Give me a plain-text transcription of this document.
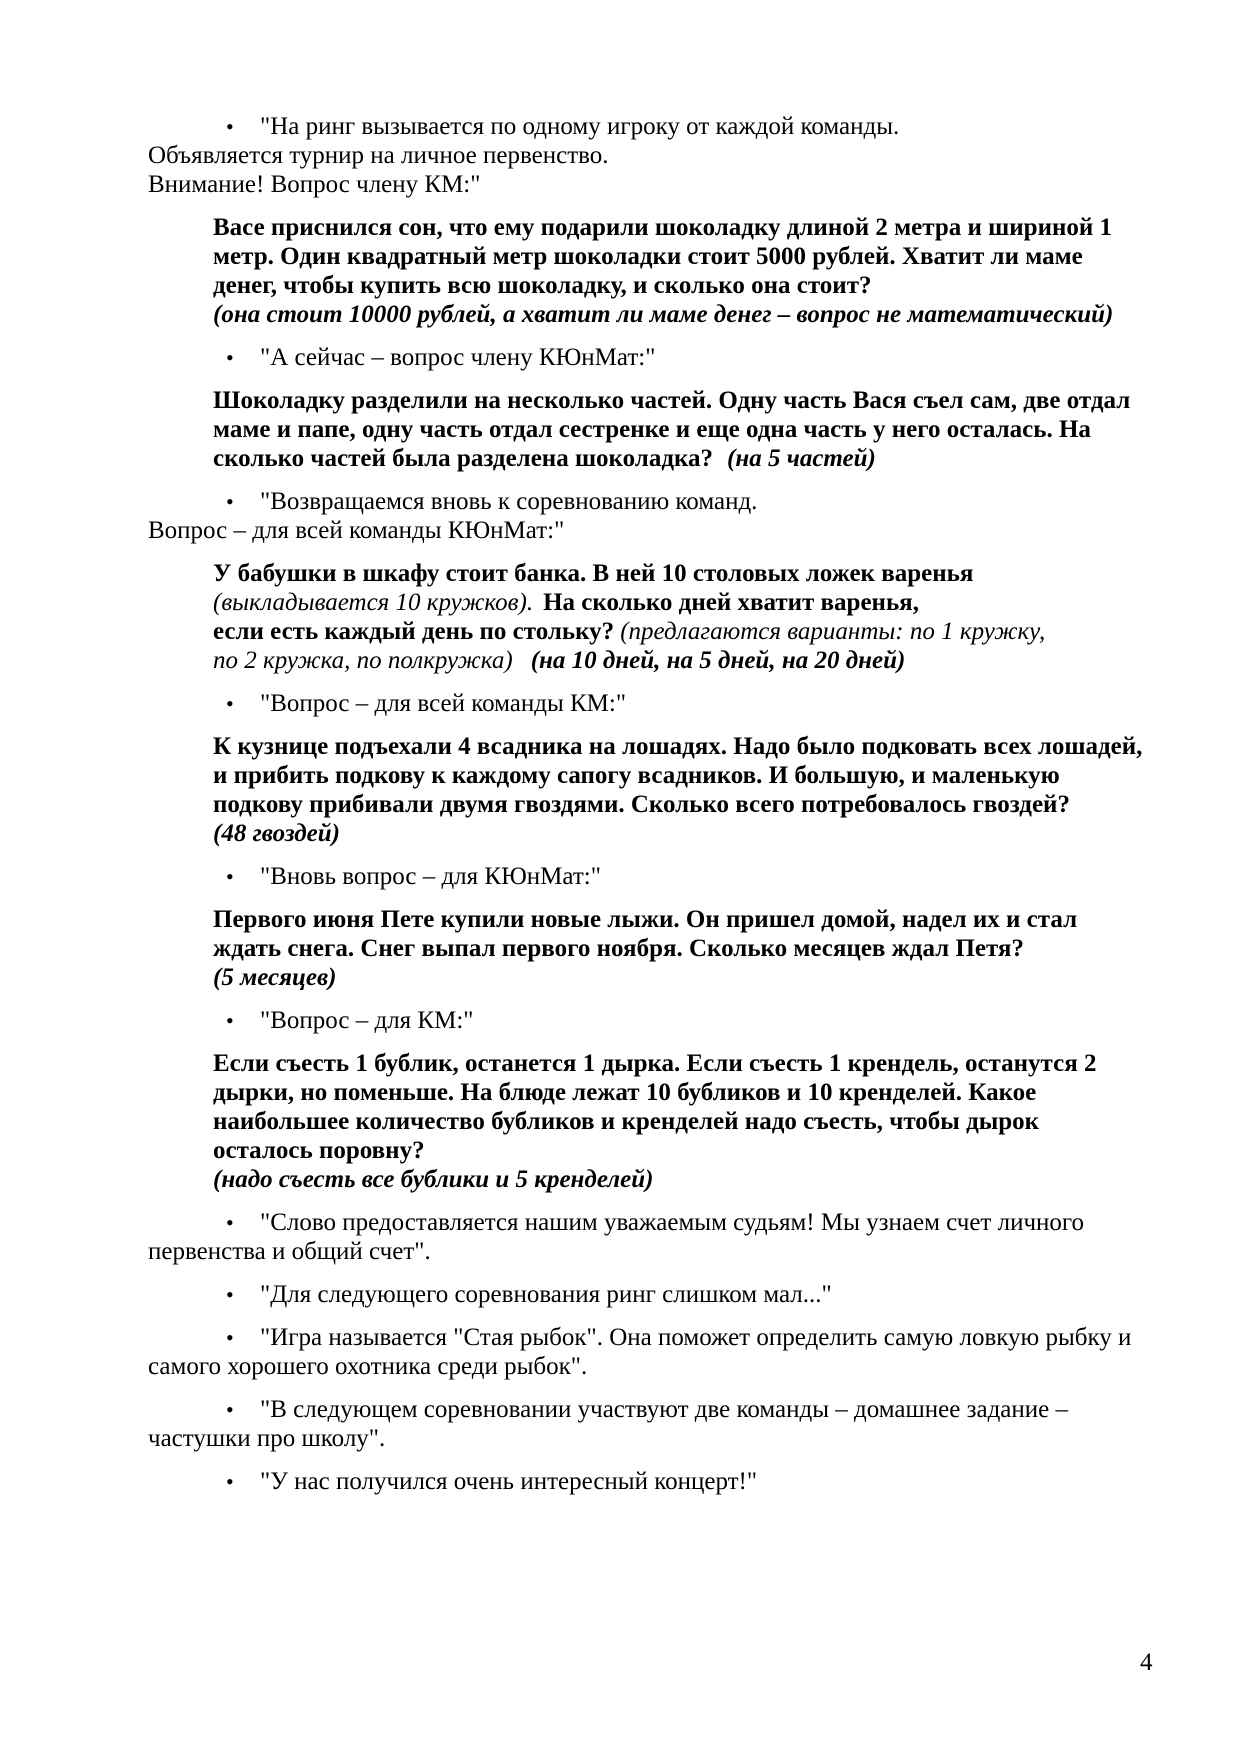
• "На ринг вызывается по одному игроку от каждой команды.
Объявляется турнир на личное первенство.
Внимание! Вопрос члену КМ:"

Васе приснился сон, что ему подарили шоколадку длиной 2 метра и шириной 1
метр. Один квадратный метр шоколадки стоит 5000 рублей. Хватит ли маме
денег, чтобы купить всю шоколадку, и сколько она стоит?
(она стоит 10000 рублей, а хватит ли маме денег – вопрос не математический)

• "А сейчас – вопрос члену КЮнМат:"

Шоколадку разделили на несколько частей. Одну часть Вася съел сам, две отдал
маме и папе, одну часть отдал сестренке и еще одна часть у него осталась. На
сколько частей была разделена шоколадка? (на 5 частей)

• "Возвращаемся вновь к соревнованию команд.
Вопрос – для всей команды КЮнМат:"

У бабушки в шкафу стоит банка. В ней 10 столовых ложек варенья
(выкладывается 10 кружков). На сколько дней хватит варенья,
если есть каждый день по стольку? (предлагаются варианты: по 1 кружку,
по 2 кружка, по полкружка) (на 10 дней, на 5 дней, на 20 дней)

• "Вопрос – для всей команды КМ:"

К кузнице подъехали 4 всадника на лошадях. Надо было подковать всех лошадей,
и прибить подкову к каждому сапогу всадников. И большую, и маленькую
подкову прибивали двумя гвоздями. Сколько всего потребовалось гвоздей?
(48 гвоздей)

• "Вновь вопрос – для КЮнМат:"

Первого июня Пете купили новые лыжи. Он пришел домой, надел их и стал
ждать снега. Снег выпал первого ноября. Сколько месяцев ждал Петя?
(5 месяцев)

• "Вопрос – для КМ:"

Если съесть 1 бублик, останется 1 дырка. Если съесть 1 крендель, останутся 2
дырки, но поменьше. На блюде лежат 10 бубликов и 10 кренделей. Какое
наибольшее количество бубликов и кренделей надо съесть, чтобы дырок
осталось поровну?
(надо съесть все бублики и 5 кренделей)

• "Слово предоставляется нашим уважаемым судьям! Мы узнаем счет личного
первенства и общий счет".

• "Для следующего соревнования ринг слишком мал..."

• "Игра называется "Стая рыбок". Она поможет определить самую ловкую рыбку и
самого хорошего охотника среди рыбок".

• "В следующем соревновании участвуют две команды – домашнее задание –
частушки про школу".

• "У нас получился очень интересный концерт!"

4
